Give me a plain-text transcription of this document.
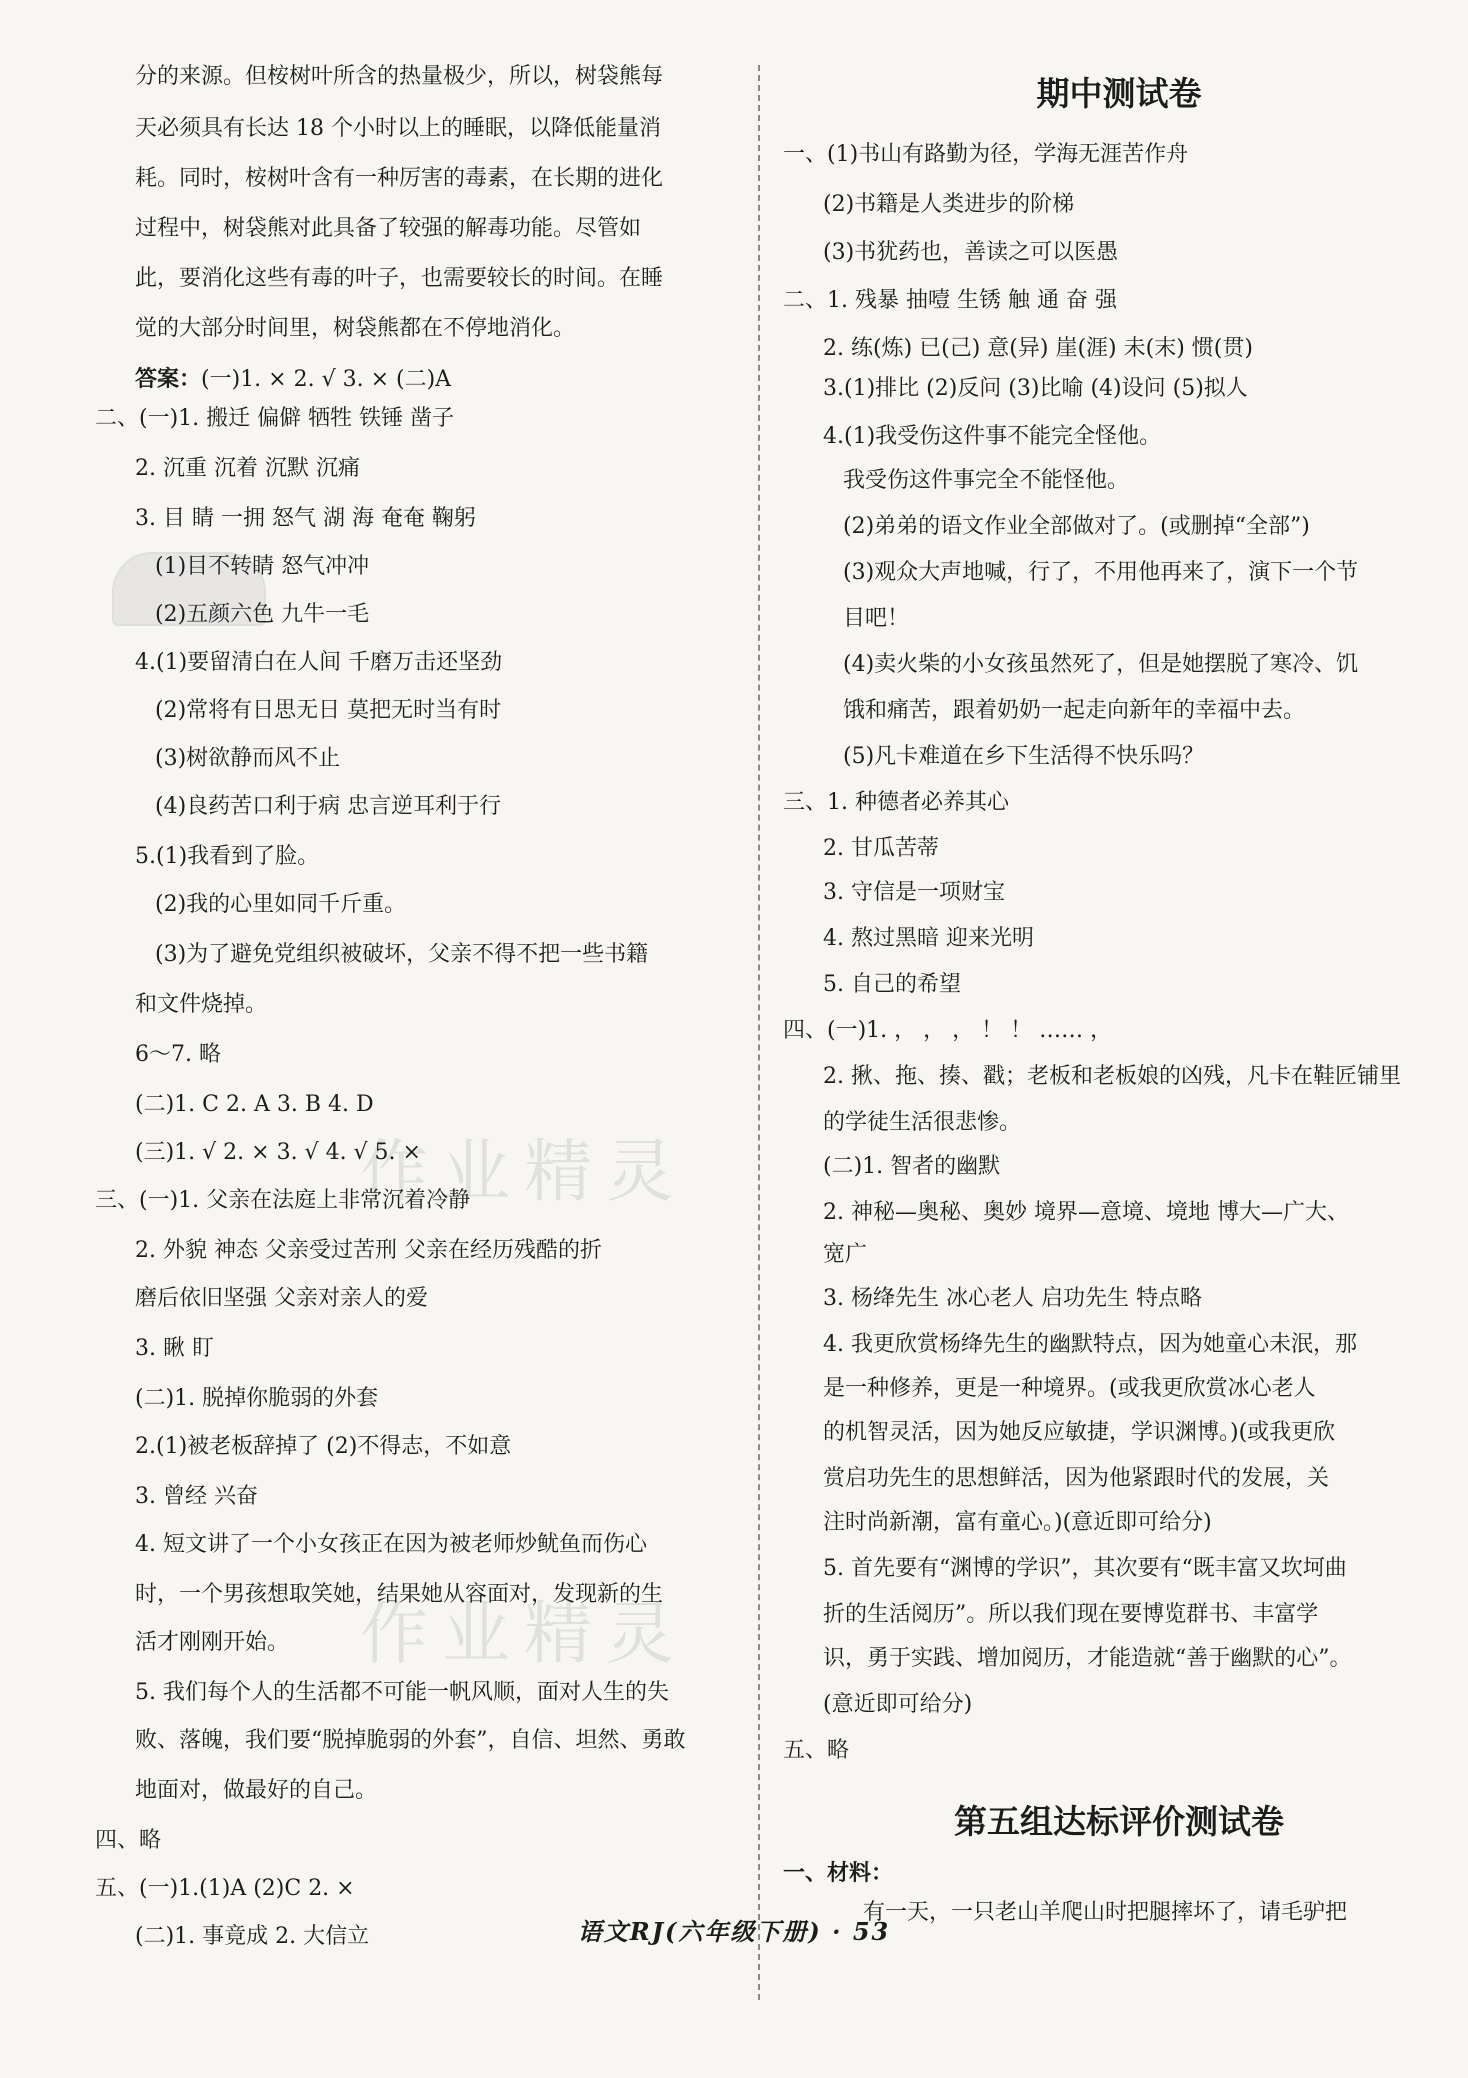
作业精灵
作业精灵
分的来源。但桉树叶所含的热量极少，所以，树袋熊每
天必须具有长达 18 个小时以上的睡眠，以降低能量消
耗。同时，桉树叶含有一种厉害的毒素，在长期的进化
过程中，树袋熊对此具备了较强的解毒功能。尽管如
此，要消化这些有毒的叶子，也需要较长的时间。在睡
觉的大部分时间里，树袋熊都在不停地消化。
答案：(一)1. × 2. √ 3. × (二)A
二、(一)1. 搬迁 偏僻 牺牲 铁锤 凿子
2. 沉重 沉着 沉默 沉痛
3. 目 睛 一拥 怒气 湖 海 奄奄 鞠躬
(1)目不转睛 怒气冲冲
(2)五颜六色 九牛一毛
4.(1)要留清白在人间 千磨万击还坚劲
(2)常将有日思无日 莫把无时当有时
(3)树欲静而风不止
(4)良药苦口利于病 忠言逆耳利于行
5.(1)我看到了脸。
(2)我的心里如同千斤重。
(3)为了避免党组织被破坏，父亲不得不把一些书籍
和文件烧掉。
6～7. 略
(二)1. C 2. A 3. B 4. D
(三)1. √ 2. × 3. √ 4. √ 5. ×
三、(一)1. 父亲在法庭上非常沉着冷静
2. 外貌 神态 父亲受过苦刑 父亲在经历残酷的折
磨后依旧坚强 父亲对亲人的爱
3. 瞅 盯
(二)1. 脱掉你脆弱的外套
2.(1)被老板辞掉了 (2)不得志，不如意
3. 曾经 兴奋
4. 短文讲了一个小女孩正在因为被老师炒鱿鱼而伤心
时，一个男孩想取笑她，结果她从容面对，发现新的生
活才刚刚开始。
5. 我们每个人的生活都不可能一帆风顺，面对人生的失
败、落魄，我们要“脱掉脆弱的外套”，自信、坦然、勇敢
地面对，做最好的自己。
四、略
五、(一)1.(1)A (2)C 2. ×
(二)1. 事竟成 2. 大信立
期中测试卷
一、(1)书山有路勤为径，学海无涯苦作舟
(2)书籍是人类进步的阶梯
(3)书犹药也，善读之可以医愚
二、1. 残暴 抽噎 生锈 触 通 奋 强
2. 练(炼) 已(己) 意(异) 崖(涯) 未(末) 惯(贯)
3.(1)排比 (2)反问 (3)比喻 (4)设问 (5)拟人
4.(1)我受伤这件事不能完全怪他。
我受伤这件事完全不能怪他。
(2)弟弟的语文作业全部做对了。(或删掉“全部”)
(3)观众大声地喊，行了，不用他再来了，演下一个节
目吧！
(4)卖火柴的小女孩虽然死了，但是她摆脱了寒冷、饥
饿和痛苦，跟着奶奶一起走向新年的幸福中去。
(5)凡卡难道在乡下生活得不快乐吗？
三、1. 种德者必养其心
2. 甘瓜苦蒂
3. 守信是一项财宝
4. 熬过黑暗 迎来光明
5. 自己的希望
四、(一)1. ， ， ， ！ ！ …… ，
2. 揪、拖、揍、戳；老板和老板娘的凶残，凡卡在鞋匠铺里
的学徒生活很悲惨。
(二)1. 智者的幽默
2. 神秘—奥秘、奥妙 境界—意境、境地 博大—广大、
宽广
3. 杨绛先生 冰心老人 启功先生 特点略
4. 我更欣赏杨绛先生的幽默特点，因为她童心未泯，那
是一种修养，更是一种境界。(或我更欣赏冰心老人
的机智灵活，因为她反应敏捷，学识渊博。)(或我更欣
赏启功先生的思想鲜活，因为他紧跟时代的发展，关
注时尚新潮，富有童心。)(意近即可给分)
5. 首先要有“渊博的学识”，其次要有“既丰富又坎坷曲
折的生活阅历”。所以我们现在要博览群书、丰富学
识，勇于实践、增加阅历，才能造就“善于幽默的心”。
(意近即可给分)
五、略
第五组达标评价测试卷
一、材料：
有一天，一只老山羊爬山时把腿摔坏了，请毛驴把
语文RJ(六年级下册) · 53
